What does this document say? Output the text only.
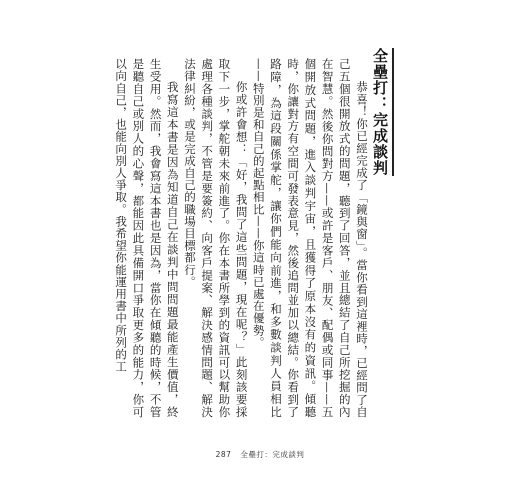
全壘打：完成談判

恭喜！你已經完成了「鏡與窗」。當你看到這裡時，已經問了自己五個很開放式的問題，聽到了回答，並且總結了自己所挖掘的內在智慧。然後你問對方——或許是客戶、朋友、配偶或同事——五個開放式問題，進入談判宇宙，且獲得了原本沒有的資訊。傾聽時，你讓對方有空間可發表意見，然後追問並加以總結。你看到了路障，為這段關係掌舵，讓你們能向前進，和多數談判人員相比——特別是和自己的起點相比——你這時已處在優勢。

你或許會想：「好，我問了這些問題，現在呢？」此刻該要採取下一步，掌舵朝未來前進了。你在本書所學到的資訊可以幫助你處理各種談判，不管是要簽約、向客戶提案、解決感情問題、解決法律糾紛，或是完成自己的職場目標都行。

我寫這本書是因為知道自己在談判中問問題最能產生價值，終生受用。然而，我會寫這本書也是因為，當你在傾聽的時候，不管是聽自己或別人的心聲，都能因此具備開口爭取更多的能力，你可以向自己，也能向別人爭取。我希望你能運用書中所列的工

287 全壘打：完成談判
